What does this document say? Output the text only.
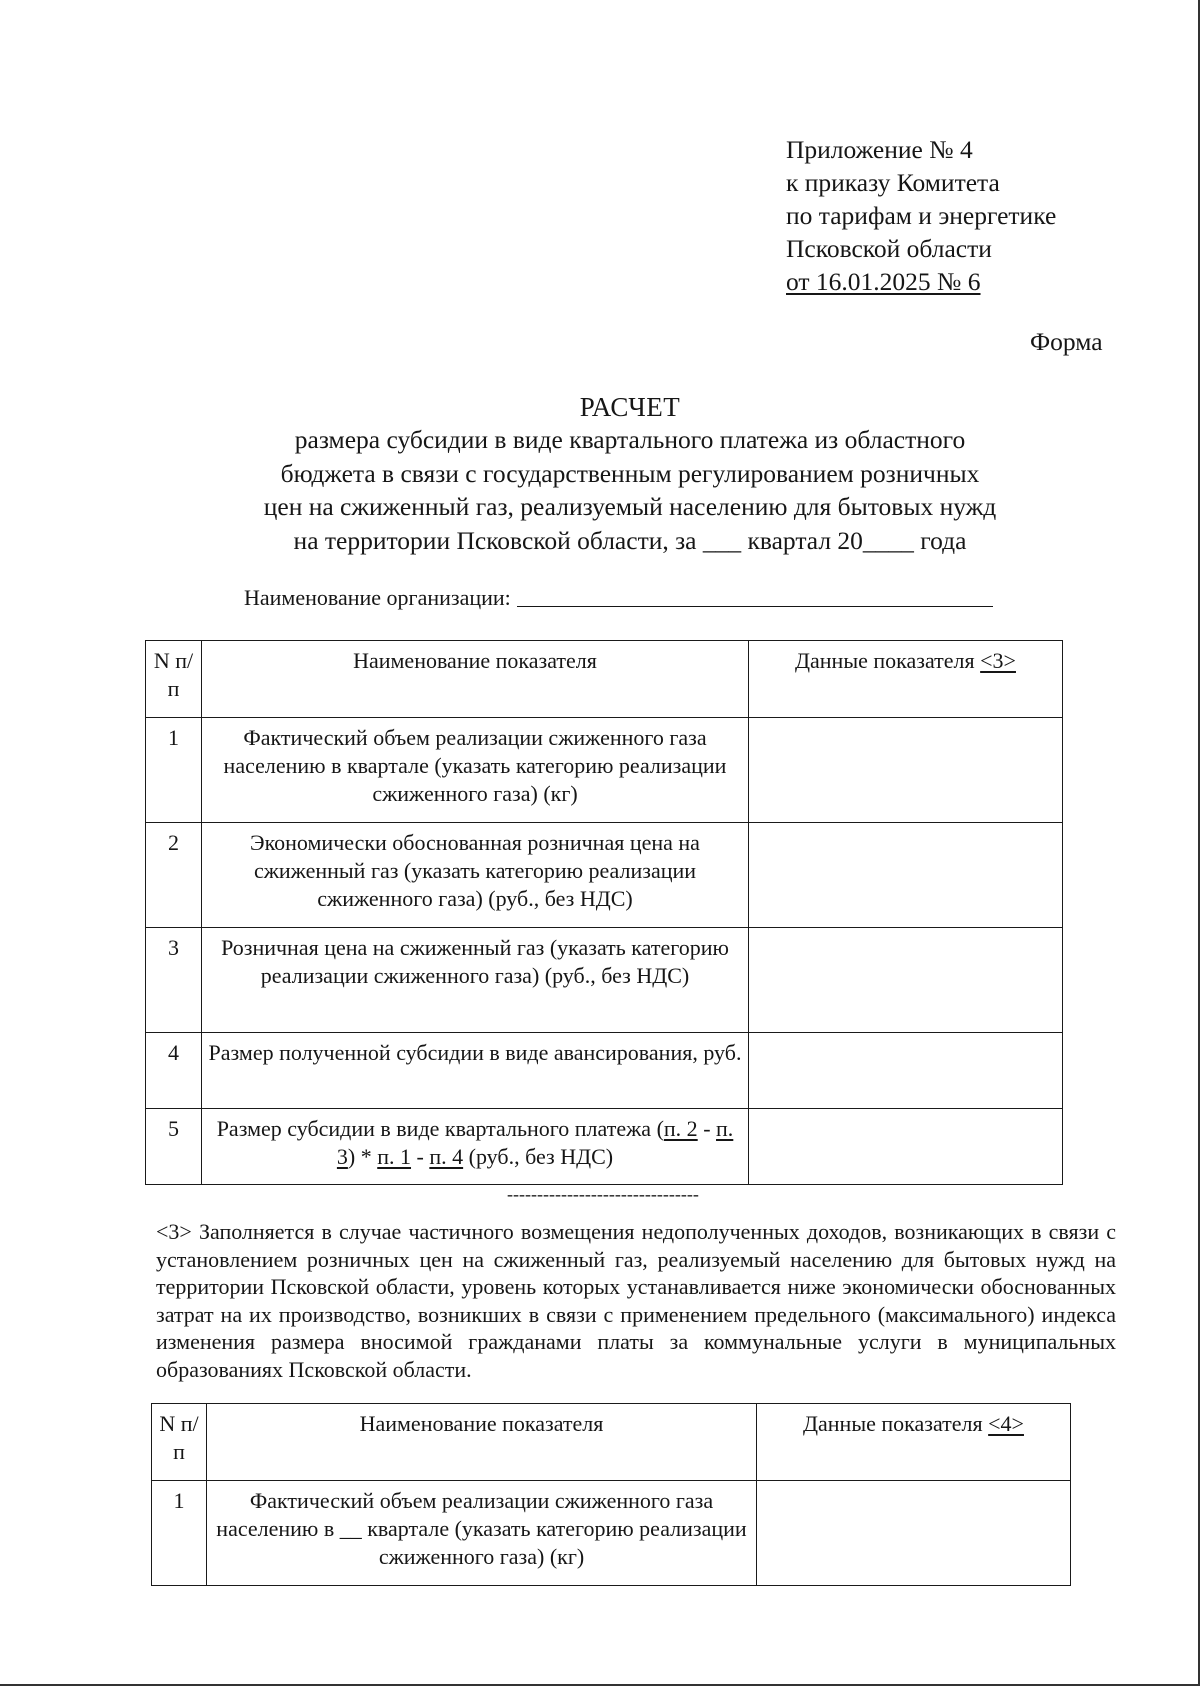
Приложение № 4
к приказу Комитета
по тарифам и энергетике
Псковской области
от 16.01.2025 № 6
Форма
РАСЧЕТ
размера субсидии в виде квартального платежа из областного
бюджета в связи с государственным регулированием розничных
цен на сжиженный газ, реализуемый населению для бытовых нужд
на территории Псковской области, за ___ квартал 20____ года
Наименование организации:
N п/п	Наименование показателя	Данные показателя <3>
1	Фактический объем реализации сжиженного газа населению в квартале (указать категорию реализации сжиженного газа) (кг)	
2	Экономически обоснованная розничная цена на сжиженный газ (указать категорию реализации сжиженного газа) (руб., без НДС)	
3	Розничная цена на сжиженный газ (указать категорию реализации сжиженного газа) (руб., без НДС)	
4	Размер полученной субсидии в виде авансирования, руб.	
5	Размер субсидии в виде квартального платежа (п. 2 - п. 3) * п. 1 - п. 4 (руб., без НДС)	
--------------------------------
<3> Заполняется в случае частичного возмещения недополученных доходов, возникающих в связи с установлением розничных цен на сжиженный газ, реализуемый населению для бытовых нужд на территории Псковской области, уровень которых устанавливается ниже экономически обоснованных затрат на их производство, возникших в связи с применением предельного (максимального) индекса изменения размера вносимой гражданами платы за коммунальные услуги в муниципальных образованиях Псковской области.
N п/п	Наименование показателя	Данные показателя <4>
1	Фактический объем реализации сжиженного газа населению в __ квартале (указать категорию реализации сжиженного газа) (кг)	
